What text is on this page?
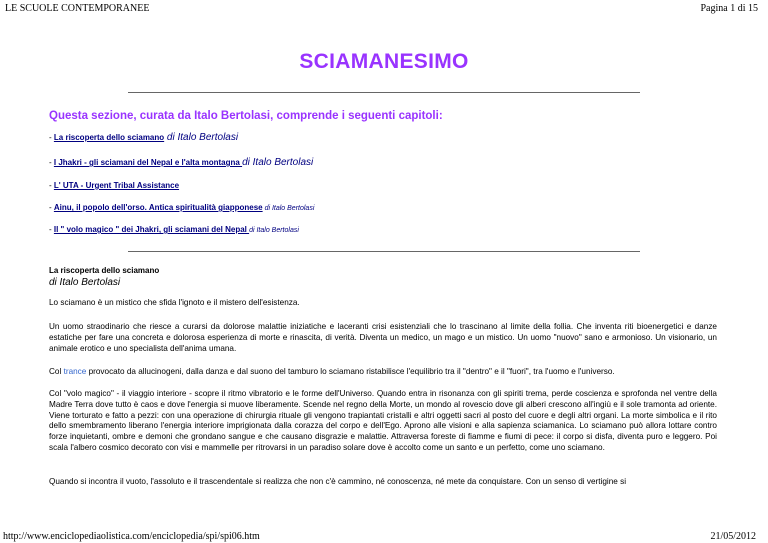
LE SCUOLE CONTEMPORANEE	Pagina 1 di 15
SCIAMANESIMO
Questa sezione, curata da Italo Bertolasi, comprende i seguenti capitoli:
- La riscoperta dello sciamano di Italo Bertolasi
- I Jhakri - gli sciamani del Nepal e l'alta montagna di Italo Bertolasi
- L' UTA - Urgent Tribal Assistance
- Ainu, il popolo dell'orso. Antica spiritualità giapponese di Italo Bertolasi
- Il " volo magico " dei Jhakri, gli sciamani del Nepal di Italo Bertolasi
La riscoperta dello sciamano
di Italo Bertolasi
Lo sciamano è un mistico che sfida l'ignoto e il mistero dell'esistenza.
Un uomo straodinario che riesce a curarsi da dolorose malattie iniziatiche e laceranti crisi esistenziali che lo trascinano al limite della follia. Che inventa riti bioenergetici e danze estatiche per fare una concreta e dolorosa esperienza di morte e rinascita, di verità. Diventa un medico, un mago e un mistico. Un uomo "nuovo" sano e armonioso. Un visionario, un animale erotico e uno specialista dell'anima umana.
Col trance provocato da allucinogeni, dalla danza e dal suono del tamburo lo sciamano ristabilisce l'equilibrio tra il "dentro" e il "fuori", tra l'uomo e l'universo.
Col "volo magico" - il viaggio interiore - scopre il ritmo vibratorio e le forme dell'Universo. Quando entra in risonanza con gli spiriti trema, perde coscienza e sprofonda nel ventre della Madre Terra dove tutto è caos e dove l'energia si muove liberamente. Scende nel regno della Morte, un mondo al rovescio dove gli alberi crescono all'ingiù e il sole tramonta ad oriente. Viene torturato e fatto a pezzi: con una operazione di chirurgia rituale gli vengono trapiantati cristalli e altri oggetti sacri al posto del cuore e degli altri organi. La morte simbolica e il rito dello smembramento liberano l'energia interiore imprigionata dalla corazza del corpo e dell'Ego. Aprono alle visioni e alla sapienza sciamanica. Lo sciamano può allora lottare contro forze inquietanti, ombre e demoni che grondano sangue e che causano disgrazie e malattie. Attraversa foreste di fiamme e fiumi di pece: il corpo si disfa, diventa puro e leggero. Poi scala l'albero cosmico decorato con visi e mammelle per ritrovarsi in un paradiso solare dove è accolto come un santo e un perfetto, come uno sciamano.
Quando si incontra il vuoto, l'assoluto e il trascendentale si realizza che non c'è cammino, né conoscenza, né mete da conquistare. Con un senso di vertigine si
http://www.enciclopediaolistica.com/enciclopedia/spi/spi06.htm	21/05/2012
